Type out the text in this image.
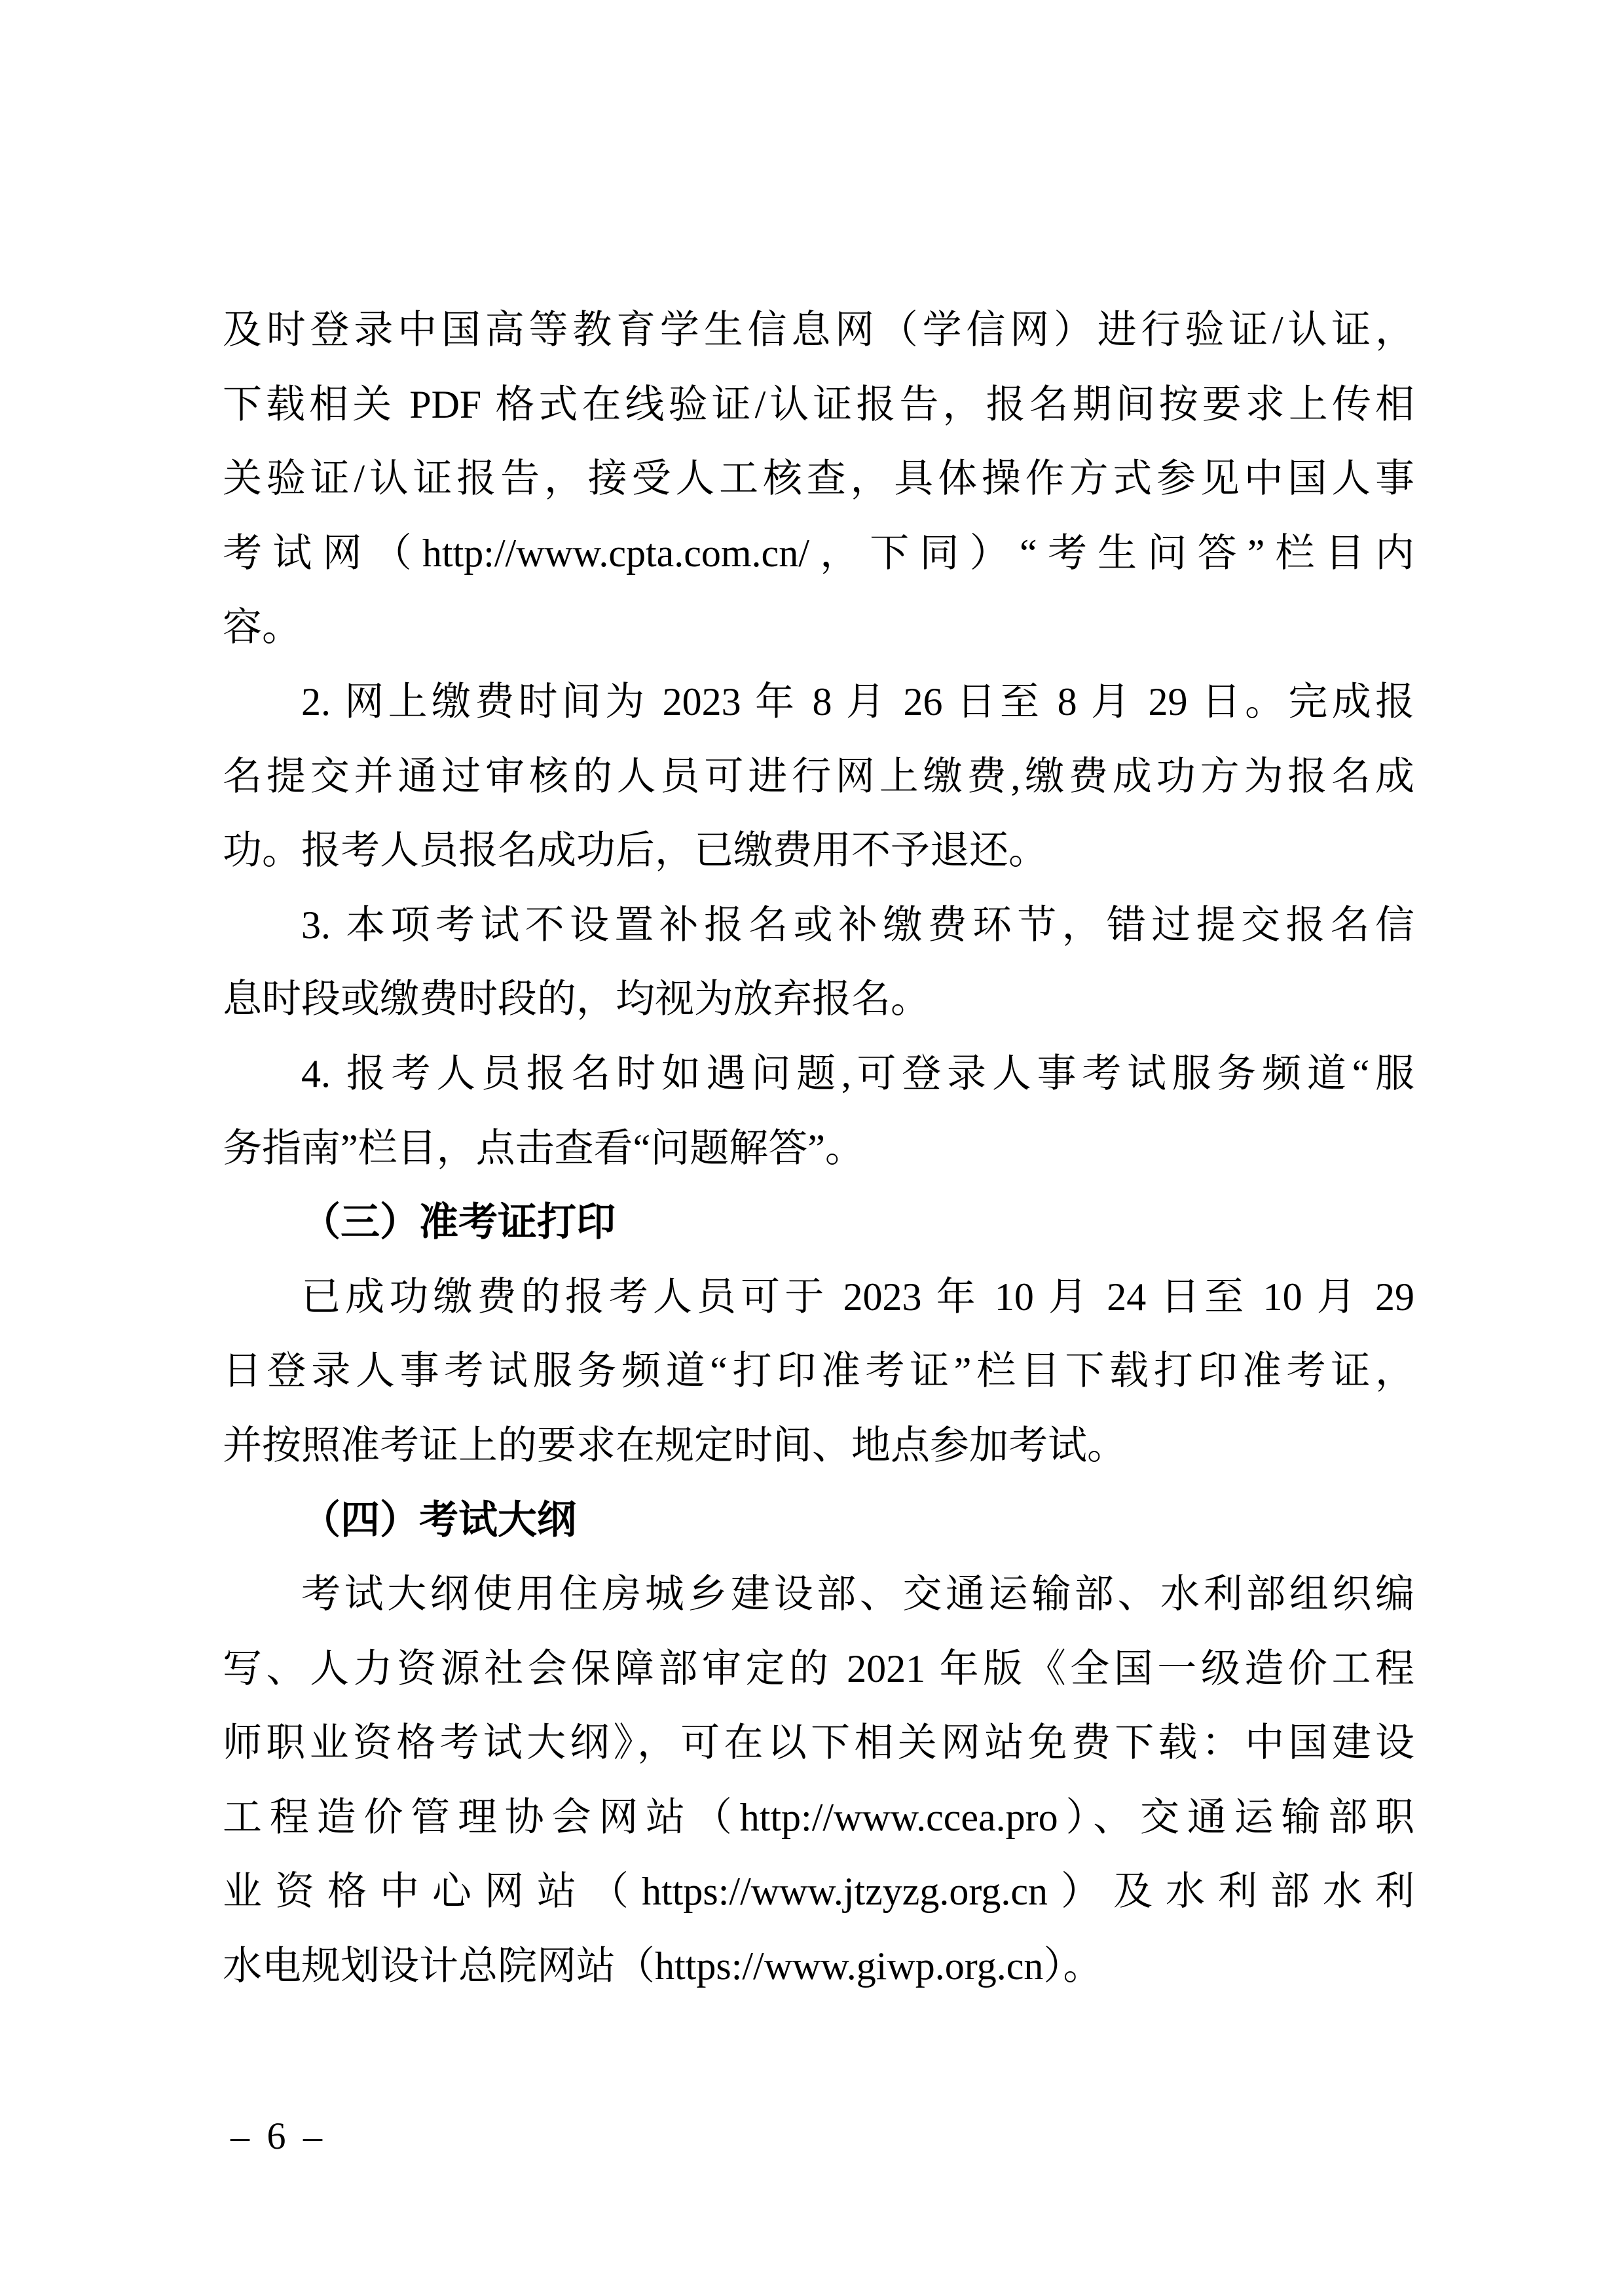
及时登录中国高等教育学生信息网（学信网）进行验证/认证，
下载相关 PDF 格式在线验证/认证报告，报名期间按要求上传相
关验证/认证报告，接受人工核查，具体操作方式参见中国人事
考试网（http://www.cpta.com.cn/，下同）“考生问答”栏目内
容。
2. 网上缴费时间为 2023 年 8 月 26 日至 8 月 29 日。完成报
名提交并通过审核的人员可进行网上缴费,缴费成功方为报名成
功。报考人员报名成功后，已缴费用不予退还。
3. 本项考试不设置补报名或补缴费环节，错过提交报名信
息时段或缴费时段的，均视为放弃报名。
4. 报考人员报名时如遇问题,可登录人事考试服务频道“服
务指南”栏目，点击查看“问题解答”。
（三）准考证打印
已成功缴费的报考人员可于 2023 年 10 月 24 日至 10 月 29
日登录人事考试服务频道“打印准考证”栏目下载打印准考证，
并按照准考证上的要求在规定时间、地点参加考试。
（四）考试大纲
考试大纲使用住房城乡建设部、交通运输部、水利部组织编
写、人力资源社会保障部审定的 2021 年版《全国一级造价工程
师职业资格考试大纲》，可在以下相关网站免费下载：中国建设
工程造价管理协会网站（http://www.ccea.pro）、交通运输部职
业资格中心网站（https://www.jtzyzg.org.cn）及水利部水利
水电规划设计总院网站（https://www.giwp.org.cn）。
– 6 –
